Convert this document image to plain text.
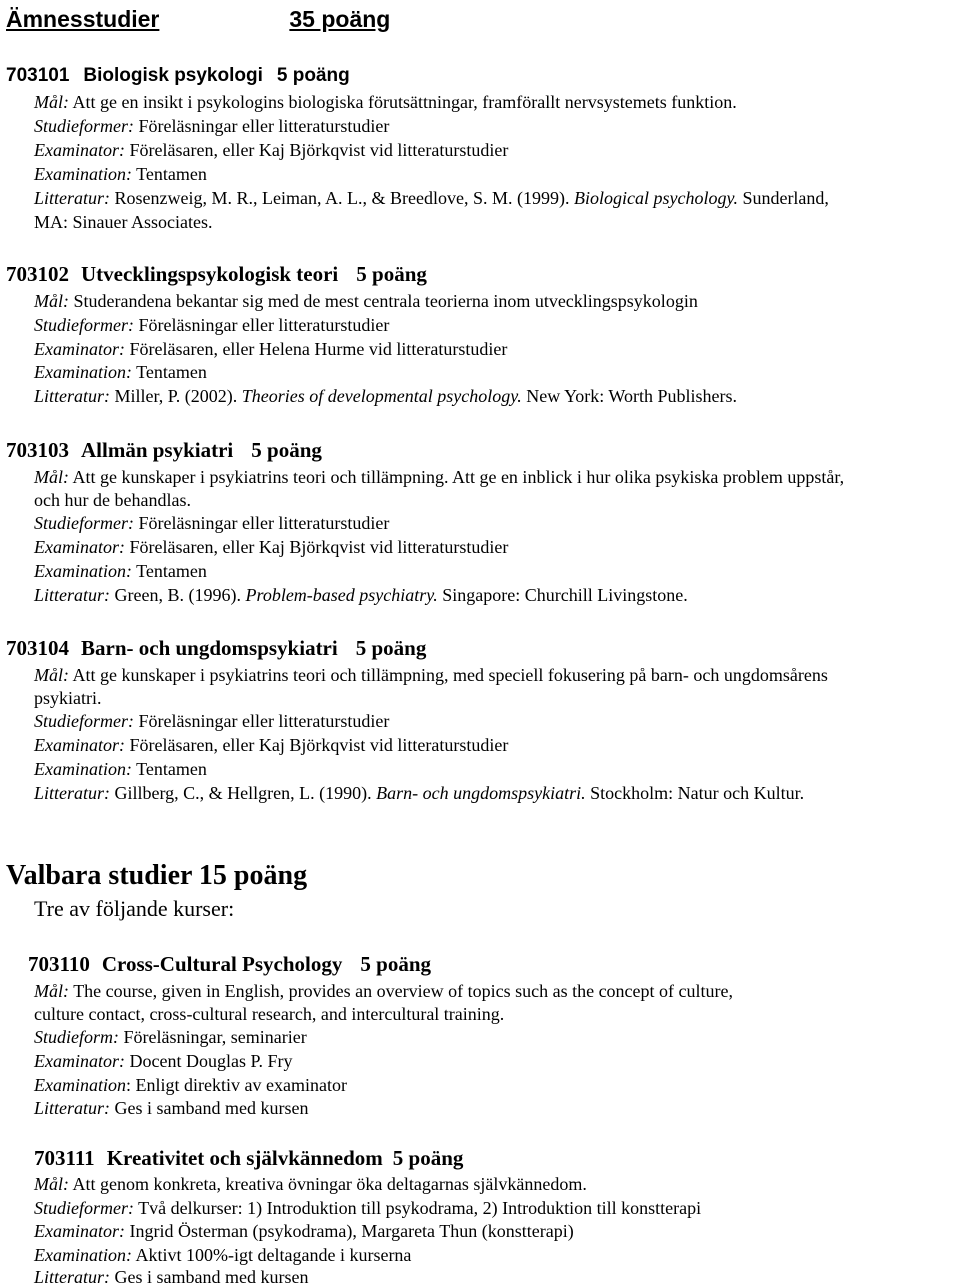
Ämnesstudier	35 poäng
703101 Biologisk psykologi 5 poäng
Mål: Att ge en insikt i psykologins biologiska förutsättningar, framförallt nervsystemets funktion.
Studieformer: Föreläsningar eller litteraturstudier
Examinator: Föreläsaren, eller Kaj Björkqvist vid litteraturstudier
Examination: Tentamen
Litteratur: Rosenzweig, M. R., Leiman, A. L., & Breedlove, S. M. (1999). Biological psychology. Sunderland,
MA: Sinauer Associates.
703102 Utvecklingspsykologisk teori 5 poäng
Mål: Studerandena bekantar sig med de mest centrala teorierna inom utvecklingspsykologin
Studieformer: Föreläsningar eller litteraturstudier
Examinator: Föreläsaren, eller Helena Hurme vid litteraturstudier
Examination: Tentamen
Litteratur: Miller, P. (2002). Theories of developmental psychology. New York: Worth Publishers.
703103 Allmän psykiatri 5 poäng
Mål: Att ge kunskaper i psykiatrins teori och tillämpning. Att ge en inblick i hur olika psykiska problem uppstår,
och hur de behandlas.
Studieformer: Föreläsningar eller litteraturstudier
Examinator: Föreläsaren, eller Kaj Björkqvist vid litteraturstudier
Examination: Tentamen
Litteratur: Green, B. (1996). Problem-based psychiatry. Singapore: Churchill Livingstone.
703104 Barn- och ungdomspsykiatri 5 poäng
Mål: Att ge kunskaper i psykiatrins teori och tillämpning, med speciell fokusering på barn- och ungdomsårens
psykiatri.
Studieformer: Föreläsningar eller litteraturstudier
Examinator: Föreläsaren, eller Kaj Björkqvist vid litteraturstudier
Examination: Tentamen
Litteratur: Gillberg, C., & Hellgren, L. (1990). Barn- och ungdomspsykiatri. Stockholm: Natur och Kultur.
Valbara studier 15 poäng
Tre av följande kurser:
703110 Cross-Cultural Psychology 5 poäng
Mål: The course, given in English, provides an overview of topics such as the concept of culture,
culture contact, cross-cultural research, and intercultural training.
Studieform: Föreläsningar, seminarier
Examinator: Docent Douglas P. Fry
Examination: Enligt direktiv av examinator
Litteratur: Ges i samband med kursen
703111 Kreativitet och självkännedom 5 poäng
Mål: Att genom konkreta, kreativa övningar öka deltagarnas självkännedom.
Studieformer: Två delkurser: 1) Introduktion till psykodrama, 2) Introduktion till konstterapi
Examinator: Ingrid Österman (psykodrama), Margareta Thun (konstterapi)
Examination: Aktivt 100%-igt deltagande i kurserna
Litteratur: Ges i samband med kursen
